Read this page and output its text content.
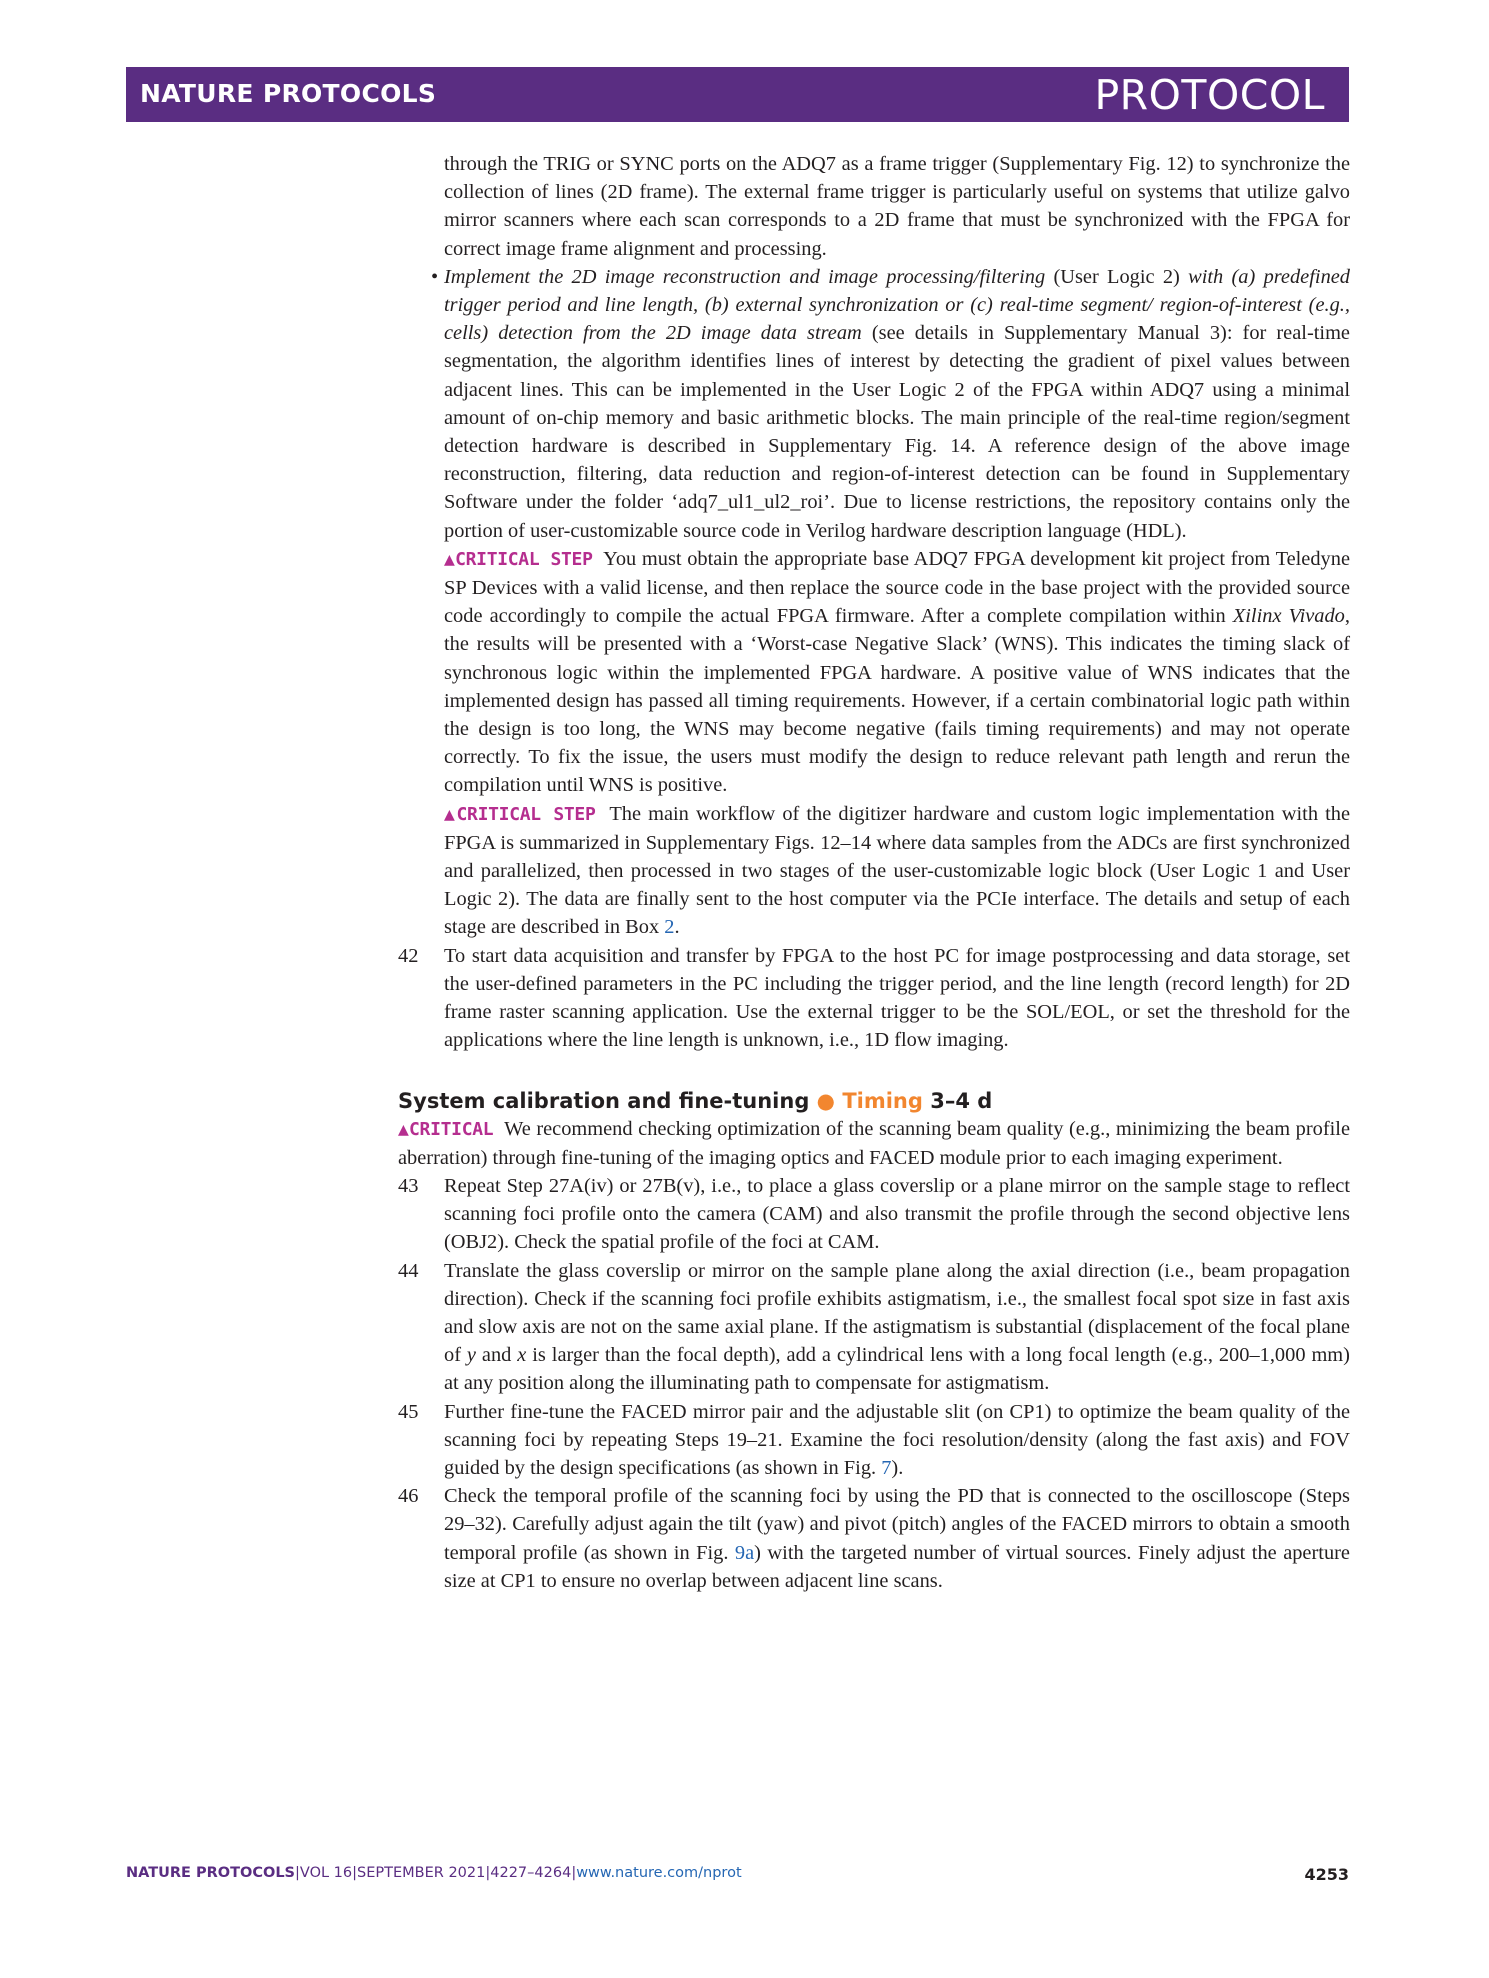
NATURE PROTOCOLS	PROTOCOL

through the TRIG or SYNC ports on the ADQ7 as a frame trigger (Supplementary Fig. 12) to synchronize the collection of lines (2D frame). The external frame trigger is particularly useful on systems that utilize galvo mirror scanners where each scan corresponds to a 2D frame that must be synchronized with the FPGA for correct image frame alignment and processing.

• Implement the 2D image reconstruction and image processing/filtering (User Logic 2) with (a) predefined trigger period and line length, (b) external synchronization or (c) real-time segment/ region-of-interest (e.g., cells) detection from the 2D image data stream (see details in Supplementary Manual 3): for real-time segmentation, the algorithm identifies lines of interest by detecting the gradient of pixel values between adjacent lines. This can be implemented in the User Logic 2 of the FPGA within ADQ7 using a minimal amount of on-chip memory and basic arithmetic blocks. The main principle of the real-time region/segment detection hardware is described in Supplementary Fig. 14. A reference design of the above image reconstruction, filtering, data reduction and region-of-interest detection can be found in Supplementary Software under the folder ‘adq7_ul1_ul2_roi’. Due to license restrictions, the repository contains only the portion of user-customizable source code in Verilog hardware description language (HDL).

▲CRITICAL STEP You must obtain the appropriate base ADQ7 FPGA development kit project from Teledyne SP Devices with a valid license, and then replace the source code in the base project with the provided source code accordingly to compile the actual FPGA firmware. After a complete compilation within Xilinx Vivado, the results will be presented with a ‘Worst-case Negative Slack’ (WNS). This indicates the timing slack of synchronous logic within the implemented FPGA hardware. A positive value of WNS indicates that the implemented design has passed all timing requirements. However, if a certain combinatorial logic path within the design is too long, the WNS may become negative (fails timing requirements) and may not operate correctly. To fix the issue, the users must modify the design to reduce relevant path length and rerun the compilation until WNS is positive.

▲CRITICAL STEP The main workflow of the digitizer hardware and custom logic implementation with the FPGA is summarized in Supplementary Figs. 12–14 where data samples from the ADCs are first synchronized and parallelized, then processed in two stages of the user-customizable logic block (User Logic 1 and User Logic 2). The data are finally sent to the host computer via the PCIe interface. The details and setup of each stage are described in Box 2.

42 To start data acquisition and transfer by FPGA to the host PC for image postprocessing and data storage, set the user-defined parameters in the PC including the trigger period, and the line length (record length) for 2D frame raster scanning application. Use the external trigger to be the SOL/EOL, or set the threshold for the applications where the line length is unknown, i.e., 1D flow imaging.

System calibration and fine-tuning ● Timing 3–4 d

▲CRITICAL We recommend checking optimization of the scanning beam quality (e.g., minimizing the beam profile aberration) through fine-tuning of the imaging optics and FACED module prior to each imaging experiment.

43 Repeat Step 27A(iv) or 27B(v), i.e., to place a glass coverslip or a plane mirror on the sample stage to reflect scanning foci profile onto the camera (CAM) and also transmit the profile through the second objective lens (OBJ2). Check the spatial profile of the foci at CAM.

44 Translate the glass coverslip or mirror on the sample plane along the axial direction (i.e., beam propagation direction). Check if the scanning foci profile exhibits astigmatism, i.e., the smallest focal spot size in fast axis and slow axis are not on the same axial plane. If the astigmatism is substantial (displacement of the focal plane of y and x is larger than the focal depth), add a cylindrical lens with a long focal length (e.g., 200–1,000 mm) at any position along the illuminating path to compensate for astigmatism.

45 Further fine-tune the FACED mirror pair and the adjustable slit (on CP1) to optimize the beam quality of the scanning foci by repeating Steps 19–21. Examine the foci resolution/density (along the fast axis) and FOV guided by the design specifications (as shown in Fig. 7).

46 Check the temporal profile of the scanning foci by using the PD that is connected to the oscilloscope (Steps 29–32). Carefully adjust again the tilt (yaw) and pivot (pitch) angles of the FACED mirrors to obtain a smooth temporal profile (as shown in Fig. 9a) with the targeted number of virtual sources. Finely adjust the aperture size at CP1 to ensure no overlap between adjacent line scans.

NATURE PROTOCOLS|VOL 16|SEPTEMBER 2021|4227–4264|www.nature.com/nprot	4253
